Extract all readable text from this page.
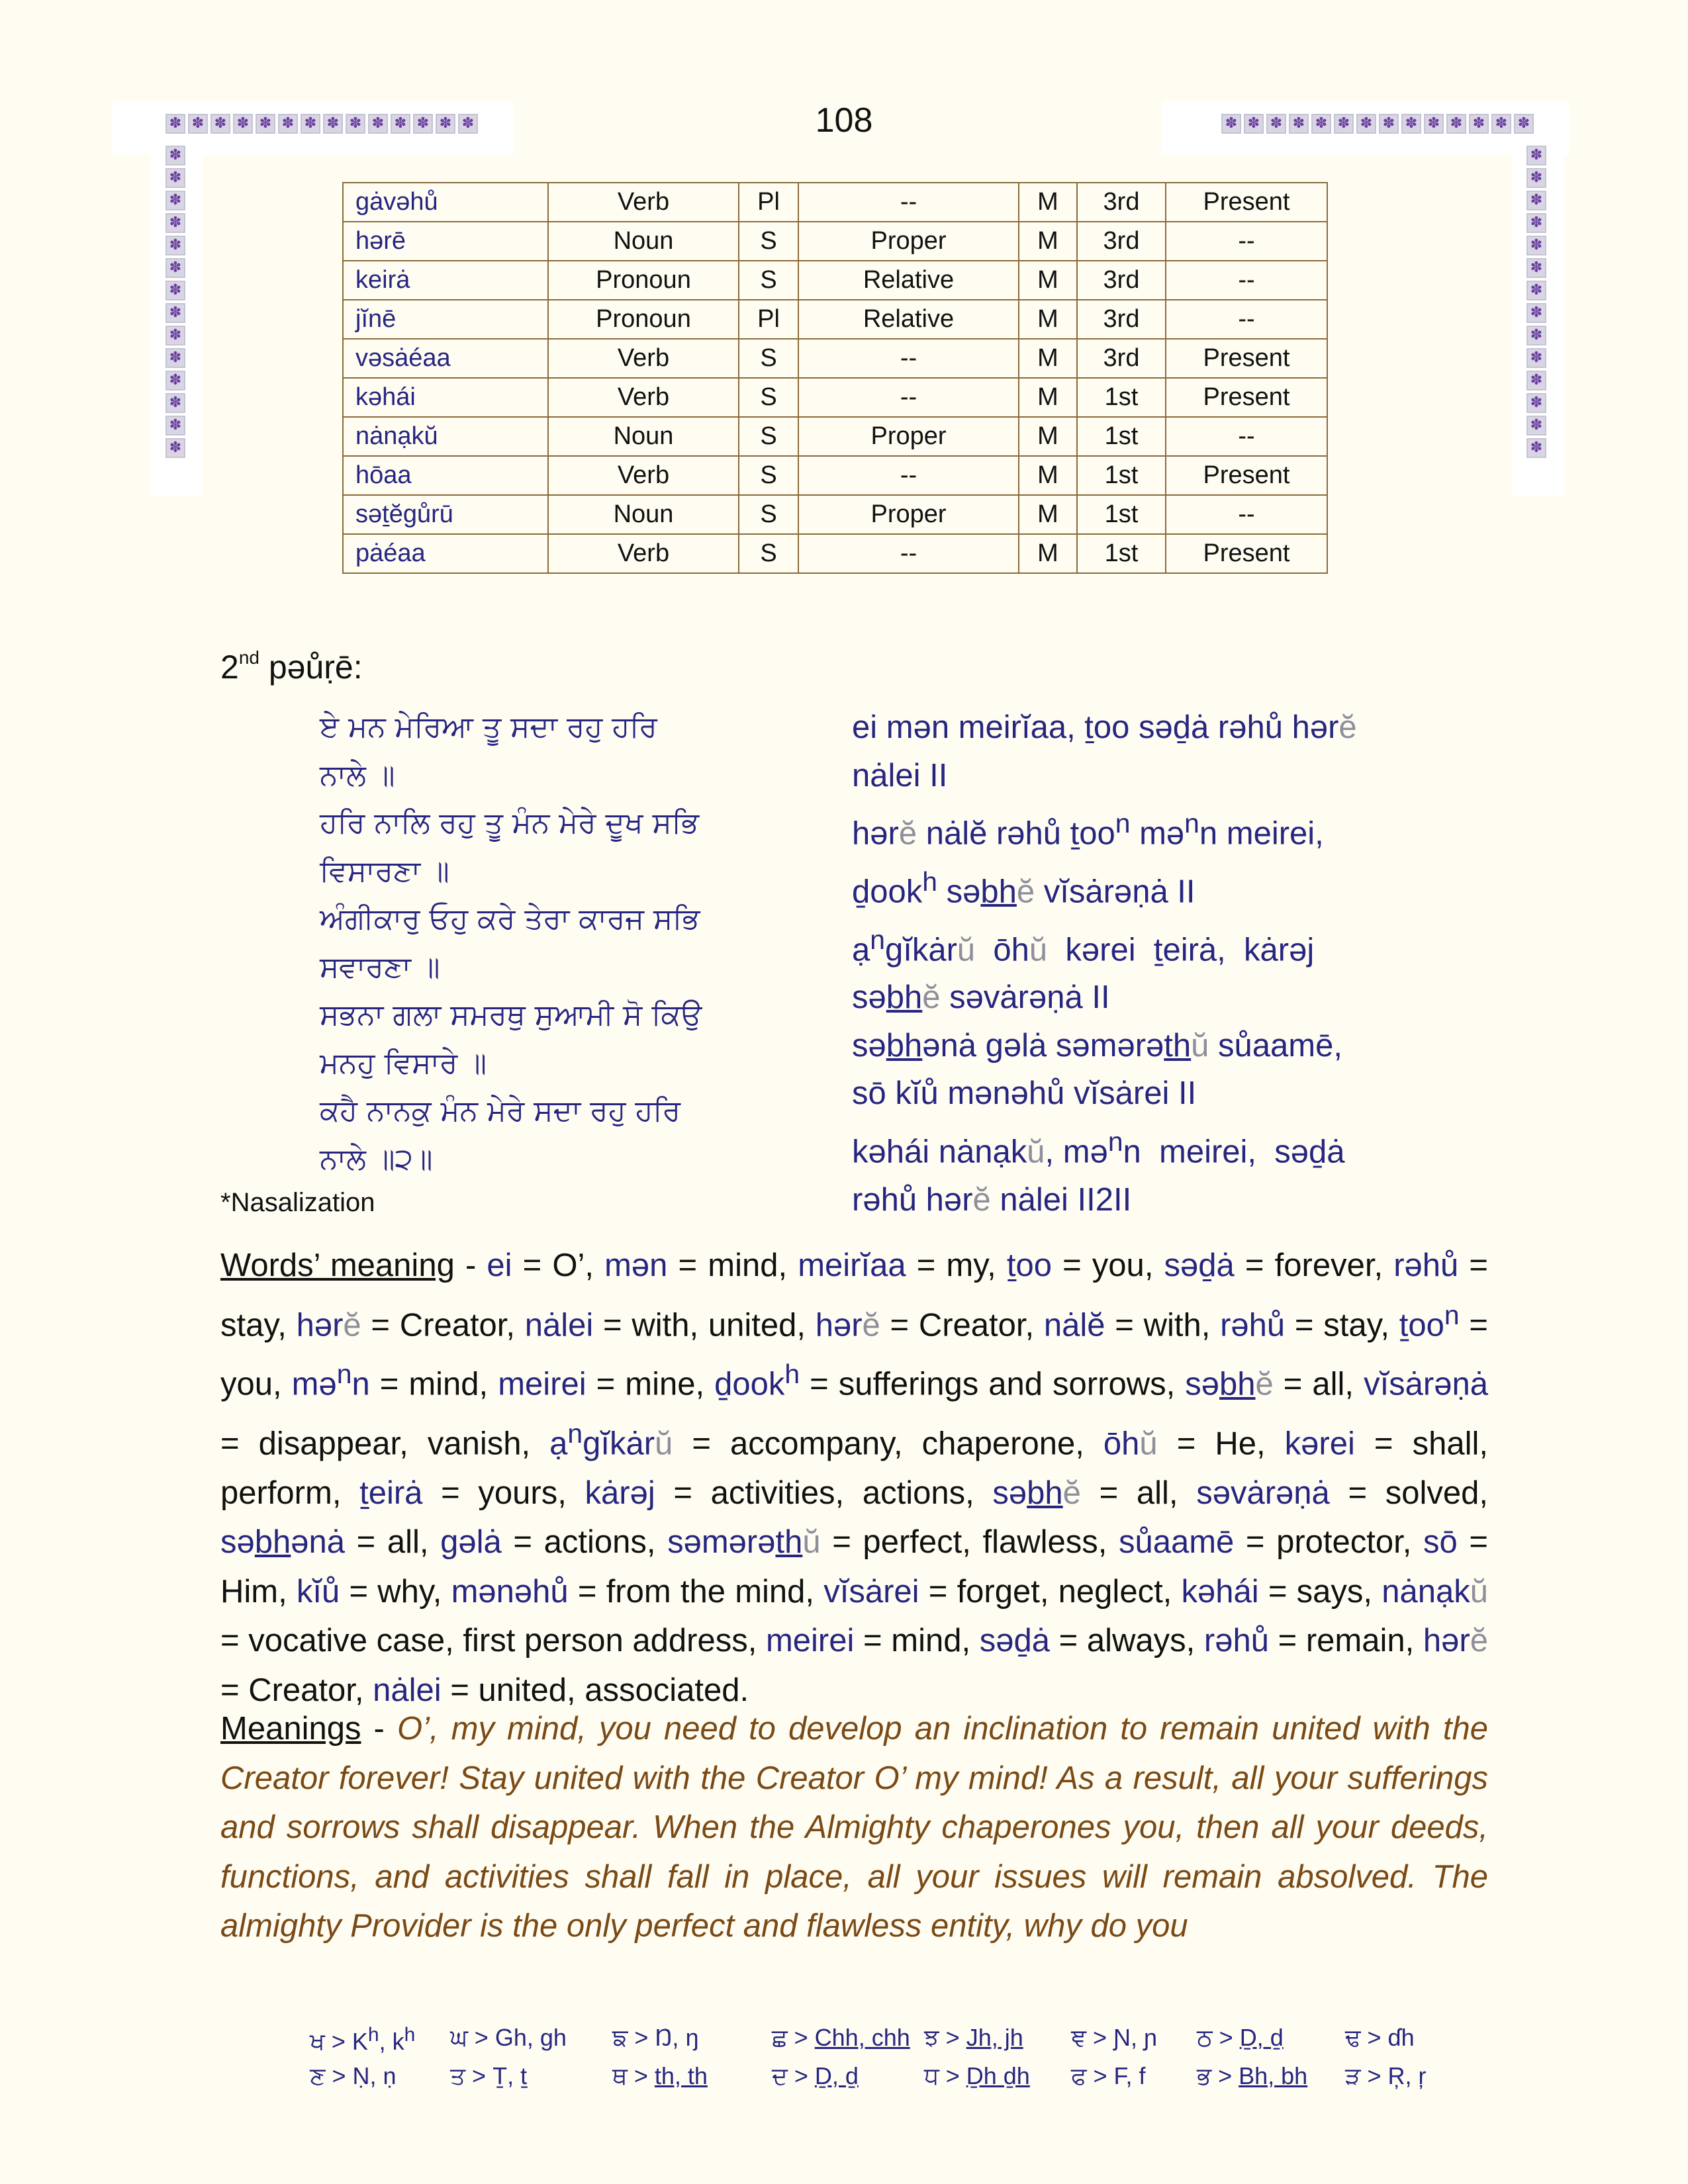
✽ ✽ ✽ ✽ ✽ ✽ ✽ ✽ ✽ ✽ ✽ ✽ ✽ ✽
✽
✽
✽
✽
✽
✽
✽
✽
✽
✽
✽
✽
✽
✽
✽ ✽ ✽ ✽ ✽ ✽ ✽ ✽ ✽ ✽ ✽ ✽ ✽ ✽
✽
✽
✽
✽
✽
✽
✽
✽
✽
✽
✽
✽
✽
✽
108
gȧvəhů	Verb	Pl	--	M	3rd	Present
hərē	Noun	S	Proper	M	3rd	--
keirȧ	Pronoun	S	Relative	M	3rd	--
jĭnē	Pronoun	Pl	Relative	M	3rd	--
vəsȧéaa	Verb	S	--	M	3rd	Present
kəhái	Verb	S	--	M	1st	Present
nȧnạkŭ	Noun	S	Proper	M	1st	--
hōaa	Verb	S	--	M	1st	Present
səṯĕgůrū	Noun	S	Proper	M	1st	--
pȧéaa	Verb	S	--	M	1st	Present
2nd pəůṛē:
ਏ ਮਨ ਮੇਰਿਆ ਤੂ ਸਦਾ ਰਹੁ ਹਰਿ
ਨਾਲੇ ॥
ਹਰਿ ਨਾਲਿ ਰਹੁ ਤੂ ਮੰਨ ਮੇਰੇ ਦੂਖ ਸਭਿ
ਵਿਸਾਰਣਾ ॥
ਅੰਗੀਕਾਰੁ ਓਹੁ ਕਰੇ ਤੇਰਾ ਕਾਰਜ ਸਭਿ
ਸਵਾਰਣਾ ॥
ਸਭਨਾ ਗਲਾ ਸਮਰਥੁ ਸੁਆਮੀ ਸੋ ਕਿਉ
ਮਨਹੁ ਵਿਸਾਰੇ ॥
ਕਹੈ ਨਾਨਕੁ ਮੰਨ ਮੇਰੇ ਸਦਾ ਰਹੁ ਹਰਿ
ਨਾਲੇ ॥੨॥
ei mən meirĭaa, ṯoo səḏȧ rəhů hərĕ
nȧlei II
hərĕ nȧlĕ rəhů ṯoo$^n$ mə$^n$n meirei,
ḏook$^h$ səbhĕ vĭsȧrəṇȧ II
ạ$^n$gĭkȧrŭ  ōhŭ  kərei  ṯeirȧ,  kȧrəj
səbhĕ səvȧrəṇȧ II
səbhənȧ gəlȧ səmərəthŭ sůaamē,
sō kĭů mənəhů vĭsȧrei II
kəhái nȧnạkŭ, mə$^n$n  meirei,  səḏȧ
rəhů hərĕ nȧlei II2II
*Nasalization
Words’ meaning - ei = O’, mən = mind, meirĭaa = my, ṯoo = you, səḏȧ = forever, rəhů = stay, hərĕ = Creator, nȧlei = with, united, hərĕ = Creator, nȧlĕ = with, rəhů = stay, ṯoo$^n$ = you, mə$^n$n = mind, meirei = mine, ḏook$^h$ = sufferings and sorrows, səbhĕ = all, vĭsȧrəṇȧ = disappear, vanish, ạ$^n$gĭkȧrŭ = accompany, chaperone, ōhŭ = He, kərei = shall, perform, ṯeirȧ = yours, kȧrəj = activities, actions, səbhĕ = all, səvȧrəṇȧ = solved, səbhənȧ = all, gəlȧ = actions, səmərəthŭ = perfect, flawless, sůaamē = protector, sō = Him, kĭů = why, mənəhů = from the mind, vĭsȧrei = forget, neglect, kəhái = says, nȧnạkŭ = vocative case, first person address, meirei = mind, səḏȧ = always, rəhů = remain, hərĕ = Creator, nȧlei = united, associated.
Meanings - O’, my mind, you need to develop an inclination to remain united with the Creator forever! Stay united with the Creator O’ my mind! As a result, all your sufferings and sorrows shall disappear. When the Almighty chaperones you, then all your deeds, functions, and activities shall fall in place, all your issues will remain absolved. The almighty Provider is the only perfect and flawless entity, why do you
ਖ > $K^h$, $k^h$ ਘ > Gh, gh ਙ > Ŋ, ŋ	ਛ > Chh, chh ਝ > Jh, jh ਞ > Ɲ, ɲ ਠ > Ḏ, ḏ	ਢ > ɗh
ਣ > Ṇ, ṇ ਤ > Ṯ, ṯ	ਥ > th, th	ਦ > Ḏ, ḏ	ਧ > Ḏh ḏh ਫ > F, f ਭ > Bh, bh ੜ > Ŗ, ŗ
